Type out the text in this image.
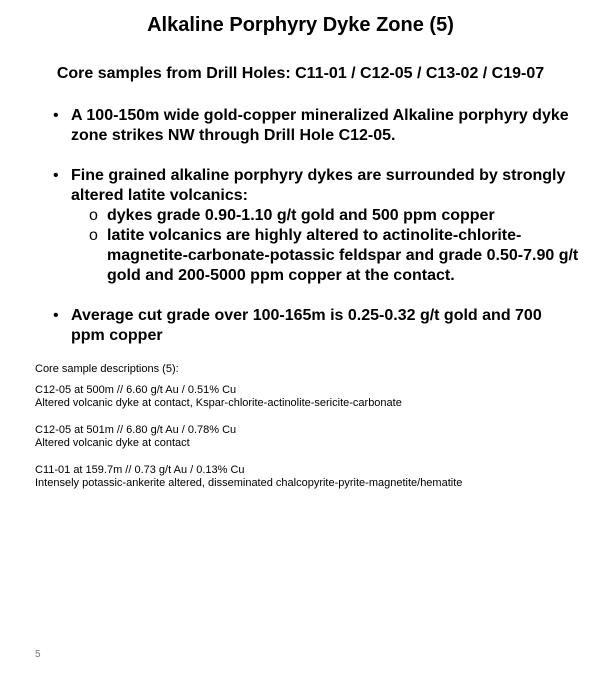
Alkaline Porphyry Dyke Zone (5)
Core samples from Drill Holes: C11-01 / C12-05 / C13-02 / C19-07
• A 100-150m wide gold-copper mineralized Alkaline porphyry dyke zone strikes NW through Drill Hole C12-05.
• Fine grained alkaline porphyry dykes are surrounded by strongly altered latite volcanics:
o dykes grade 0.90-1.10 g/t gold and 500 ppm copper
o latite volcanics are highly altered to actinolite-chlorite-magnetite-carbonate-potassic feldspar and grade 0.50-7.90 g/t gold and 200-5000 ppm copper at the contact.
• Average cut grade over 100-165m is 0.25-0.32 g/t gold and 700 ppm copper

Core sample descriptions (5):

C12-05 at 500m // 6.60 g/t Au / 0.51% Cu

Altered volcanic dyke at contact, Kspar-chlorite-actinolite-sericite-carbonate

C12-05 at 501m // 6.80 g/t Au / 0.78% Cu

Altered volcanic dyke at contact

C11-01 at 159.7m // 0.73 g/t Au / 0.13% Cu

Intensely potassic-ankerite altered, disseminated chalcopyrite-pyrite-magnetite/hematite

5
